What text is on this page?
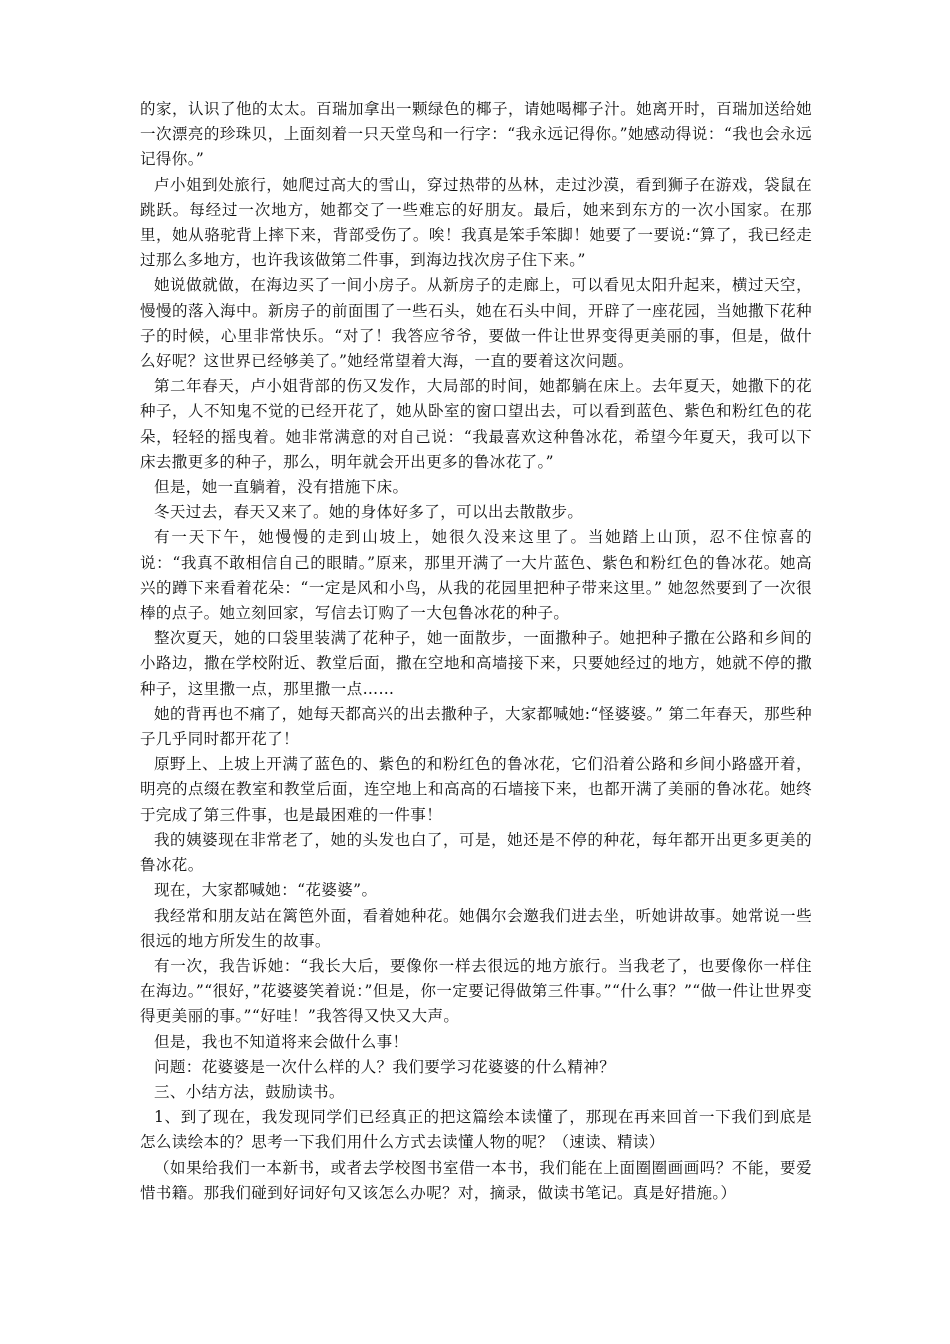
的家，认识了他的太太。百瑞加拿出一颗绿色的椰子，请她喝椰子汁。她离开时，百瑞加送给她一次漂亮的珍珠贝，上面刻着一只天堂鸟和一行字：“我永远记得你。”她感动得说：“我也会永远记得你。”

卢小姐到处旅行，她爬过高大的雪山，穿过热带的丛林，走过沙漠，看到狮子在游戏，袋鼠在跳跃。每经过一次地方，她都交了一些难忘的好朋友。最后，她来到东方的一次小国家。在那里，她从骆驼背上摔下来，背部受伤了。唉！我真是笨手笨脚！她要了一要说:“算了，我已经走过那么多地方，也许我该做第二件事，到海边找次房子住下来。”

她说做就做，在海边买了一间小房子。从新房子的走廊上，可以看见太阳升起来，横过天空，慢慢的落入海中。新房子的前面围了一些石头，她在石头中间，开辟了一座花园，当她撒下花种子的时候，心里非常快乐。“对了！我答应爷爷，要做一件让世界变得更美丽的事，但是，做什么好呢？这世界已经够美了。”她经常望着大海，一直的要着这次问题。

第二年春天，卢小姐背部的伤又发作，大局部的时间，她都躺在床上。去年夏天，她撒下的花种子，人不知鬼不觉的已经开花了，她从卧室的窗口望出去，可以看到蓝色、紫色和粉红色的花朵，轻轻的摇曳着。她非常满意的对自己说：“我最喜欢这种鲁冰花，希望今年夏天，我可以下床去撒更多的种子，那么，明年就会开出更多的鲁冰花了。”

但是，她一直躺着，没有措施下床。

冬天过去，春天又来了。她的身体好多了，可以出去散散步。

有一天下午，她慢慢的走到山坡上，她很久没来这里了。当她踏上山顶，忍不住惊喜的说：“我真不敢相信自己的眼睛。”原来，那里开满了一大片蓝色、紫色和粉红色的鲁冰花。她高兴的蹲下来看着花朵：“一定是风和小鸟，从我的花园里把种子带来这里。” 她忽然要到了一次很棒的点子。她立刻回家，写信去订购了一大包鲁冰花的种子。

整次夏天，她的口袋里装满了花种子，她一面散步，一面撒种子。她把种子撒在公路和乡间的小路边，撒在学校附近、教堂后面，撒在空地和高墙接下来，只要她经过的地方，她就不停的撒种子，这里撒一点，那里撒一点……

她的背再也不痛了，她每天都高兴的出去撒种子，大家都喊她:“怪婆婆。” 第二年春天，那些种子几乎同时都开花了！

原野上、上坡上开满了蓝色的、紫色的和粉红色的鲁冰花，它们沿着公路和乡间小路盛开着，明亮的点缀在教室和教堂后面，连空地上和高高的石墙接下来，也都开满了美丽的鲁冰花。她终于完成了第三件事，也是最困难的一件事！

我的姨婆现在非常老了，她的头发也白了，可是，她还是不停的种花，每年都开出更多更美的鲁冰花。

现在，大家都喊她：“花婆婆”。

我经常和朋友站在篱笆外面，看着她种花。她偶尔会邀我们进去坐，听她讲故事。她常说一些很远的地方所发生的故事。

有一次，我告诉她：“我长大后，要像你一样去很远的地方旅行。当我老了，也要像你一样住在海边。”“很好，”花婆婆笑着说：”但是，你一定要记得做第三件事。”“什么事？”“做一件让世界变得更美丽的事。”“好哇！”我答得又快又大声。

但是，我也不知道将来会做什么事！

问题：花婆婆是一次什么样的人？我们要学习花婆婆的什么精神？

三、小结方法，鼓励读书。

1、到了现在，我发现同学们已经真正的把这篇绘本读懂了，那现在再来回首一下我们到底是怎么读绘本的？思考一下我们用什么方式去读懂人物的呢？（速读、精读）

（如果给我们一本新书，或者去学校图书室借一本书，我们能在上面圈圈画画吗？不能，要爱惜书籍。那我们碰到好词好句又该怎么办呢？对，摘录，做读书笔记。真是好措施。）
